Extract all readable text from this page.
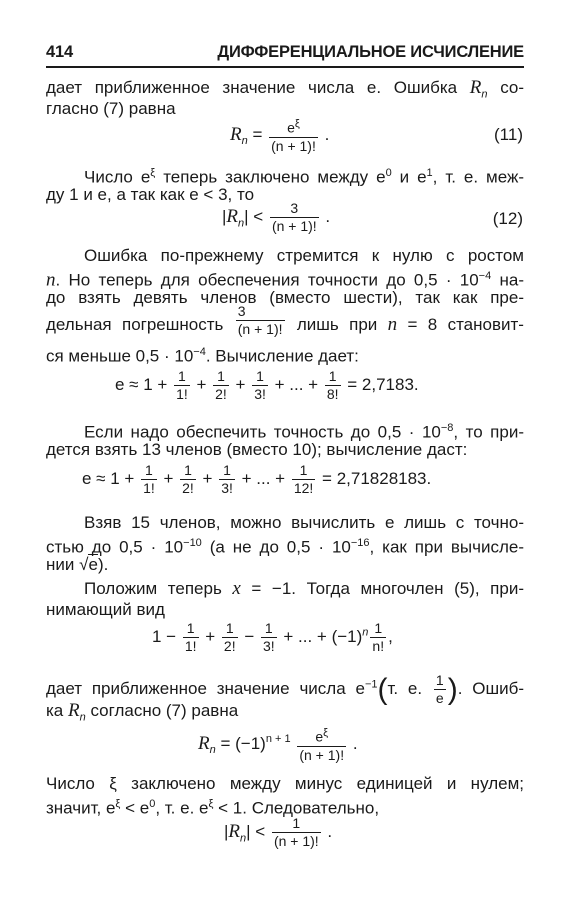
414	ДИФФЕРЕНЦИАЛЬНОЕ ИСЧИСЛЕНИЕ
дает приближенное значение числа e. Ошибка $R_n$ со-
гласно (7) равна
$R_n = \frac{e^\xi}{(n + 1)!}$ .	(11)
Число $e^\xi$ теперь заключено между $e^0$ и $e^1$, т. е. меж-
ду 1 и e, а так как e < 3, то
$|R_n| < \frac{3}{(n + 1)!}$ .	(12)
Ошибка по-прежнему стремится к нулю с ростом
n. Но теперь для обеспечения точности до $0,5 \cdot 10^{-4}$ на-
до взять девять членов (вместо шести), так как пре-
дельная погрешность $\frac{3}{(n + 1)!}$ лишь при n = 8 становит-
ся меньше $0,5 \cdot 10^{-4}$. Вычисление дает:
$e \approx 1 + \frac{1}{1!} + \frac{1}{2!} + \frac{1}{3!}$ + ... + $\frac{1}{8!} = 2,7183$.
Если надо обеспечить точность до $0,5 \cdot 10^{-8}$, то при-
дется взять 13 членов (вместо 10); вычисление даст:
$e \approx 1 + \frac{1}{1!} + \frac{1}{2!} + \frac{1}{3!}$ + ... + $\frac{1}{12!} = 2,71828183$.
Взяв 15 членов, можно вычислить e лишь с точно-
стью до $0,5 \cdot 10^{-10}$ (а не до $0,5 \cdot 10^{-16}$, как при вычисле-
нии √e).
Положим теперь x = −1. Тогда многочлен (5), при-
нимающий вид
$1 - \frac{1}{1!} + \frac{1}{2!} - \frac{1}{3!}$ + ... + $(-1)^n \frac{1}{n!}$ ,
дает приближенное значение числа $e^{-1}(т$. е. $\frac{1}{e}$ ). Ошиб-
ка $R_n$ согласно (7) равна
$R_n = (-1)^{n + 1} \frac{e^\xi}{(n + 1)!}$ .
Число ξ заключено между минус единицей и нулем;
значит, $e^\xi < e^0$, т. е. $e^\xi < 1$. Следовательно,
$|R_n| < \frac{1}{(n + 1)!}$ .
